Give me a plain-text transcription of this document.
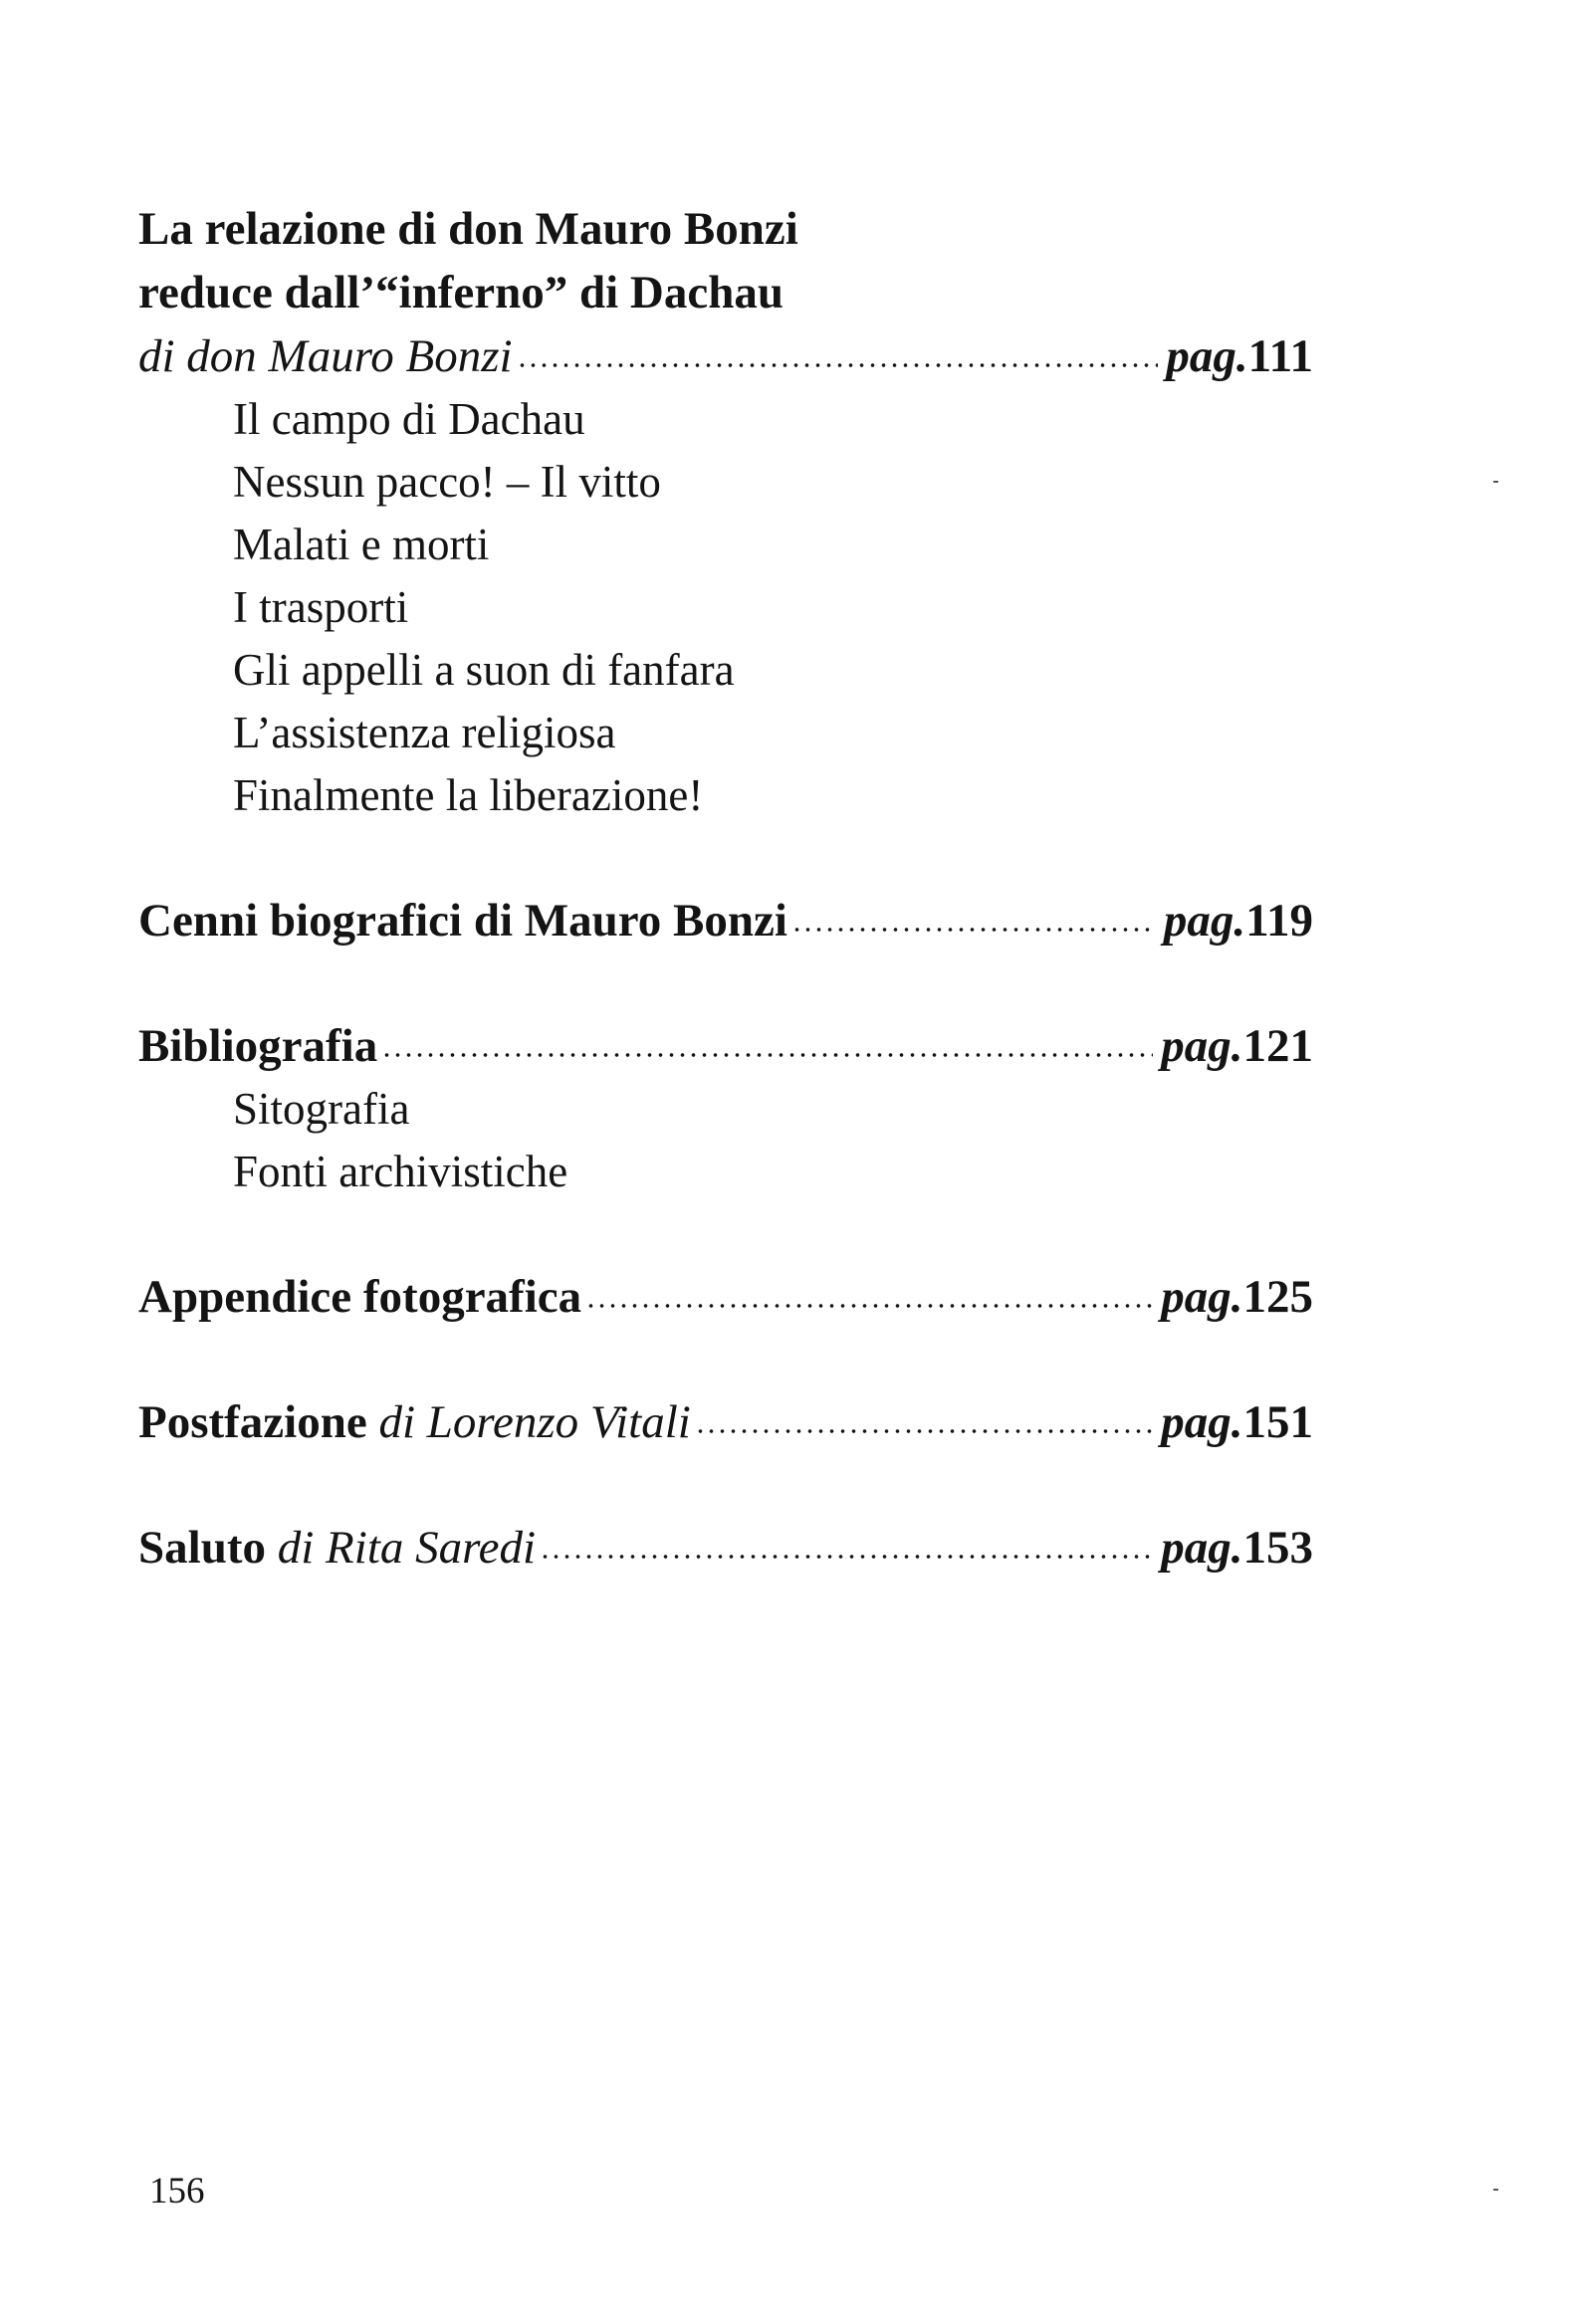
La relazione di don Mauro Bonzi
reduce dall’“inferno” di Dachau
di don Mauro Bonzi	pag.111
Il campo di Dachau
Nessun pacco! – Il vitto
Malati e morti
I trasporti
Gli appelli a suon di fanfara
L’assistenza religiosa
Finalmente la liberazione!
Cenni biografici di Mauro Bonzi	pag.119
Bibliografia	pag.121
Sitografia
Fonti archivistiche
Appendice fotografica	pag.125
Postfazione di Lorenzo Vitali	pag.151
Saluto di Rita Saredi	pag.153
156
